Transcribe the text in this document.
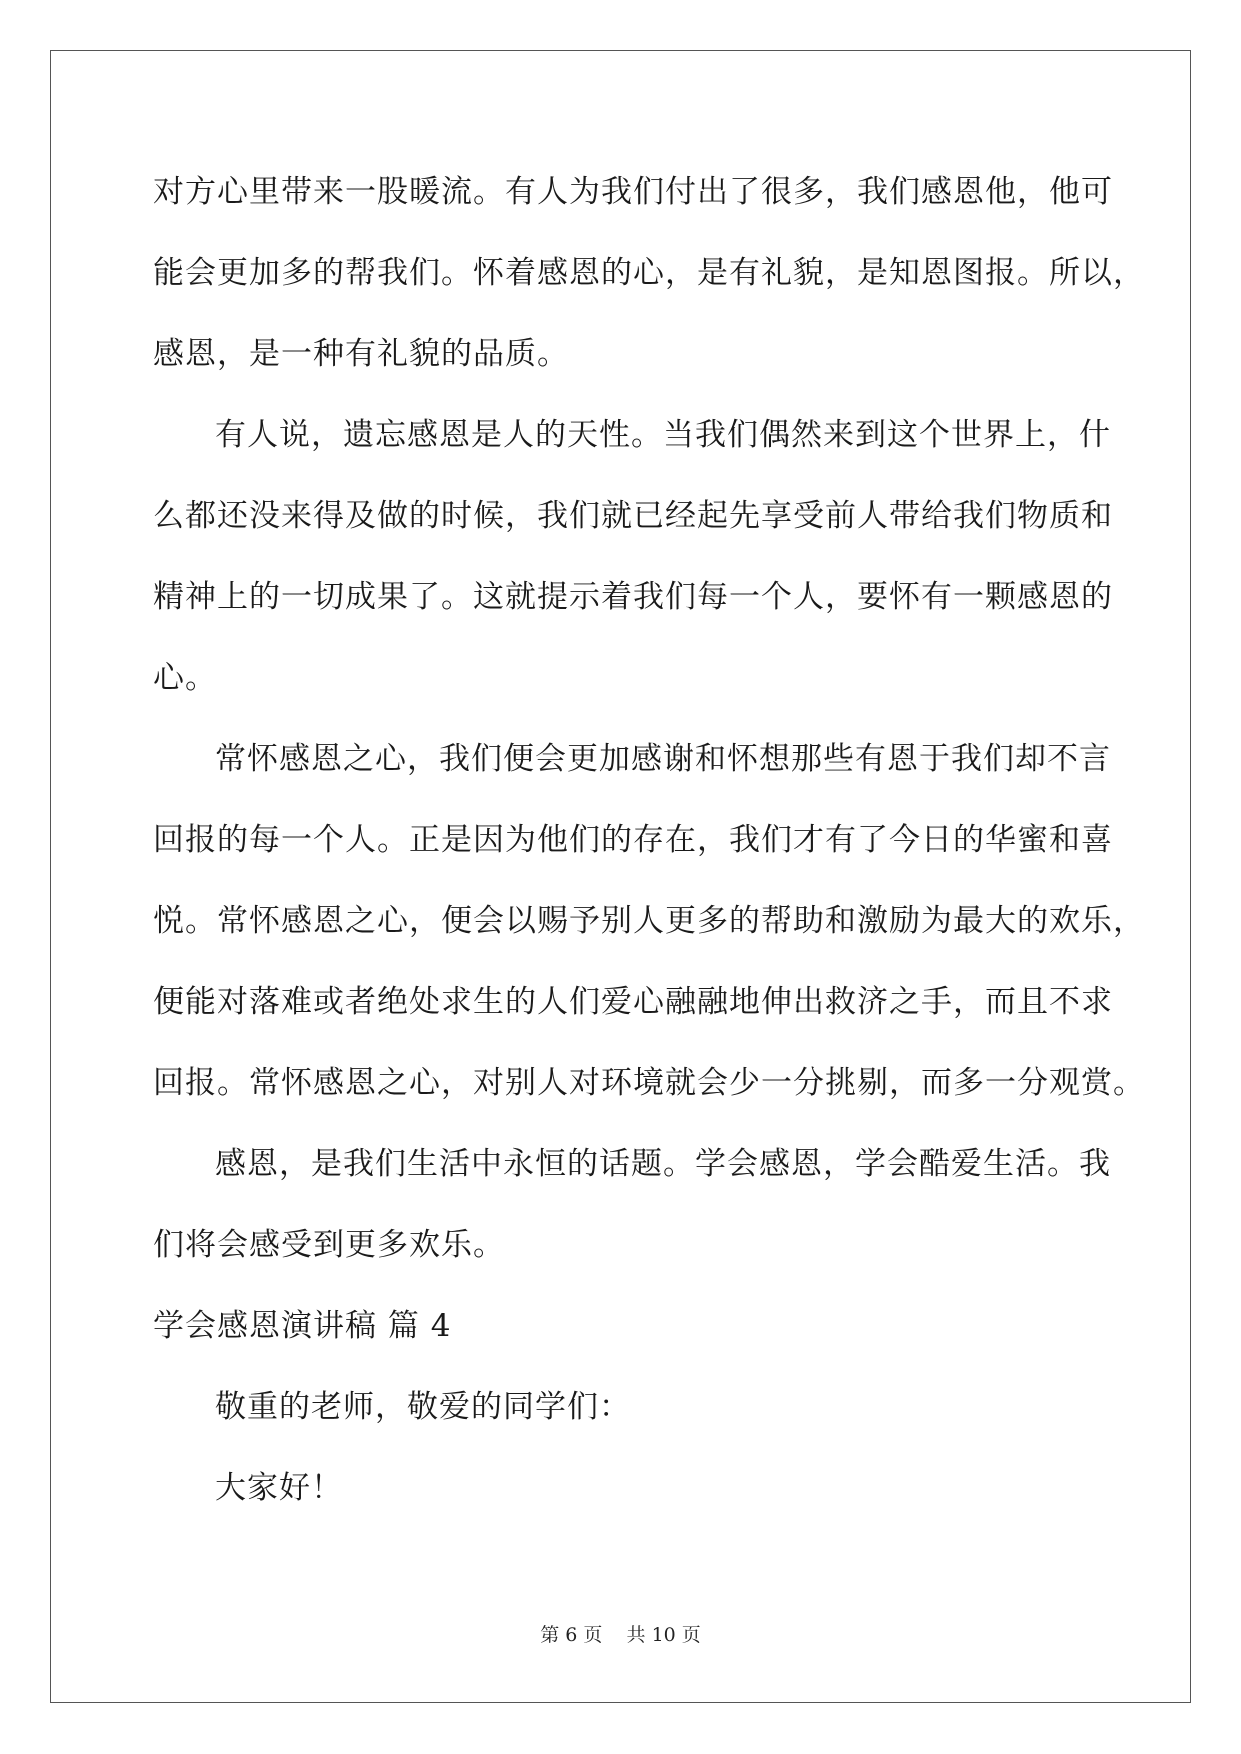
对方心里带来一股暖流。有人为我们付出了很多，我们感恩他，他可
能会更加多的帮我们。怀着感恩的心，是有礼貌，是知恩图报。所以，
感恩，是一种有礼貌的品质。
有人说，遗忘感恩是人的天性。当我们偶然来到这个世界上，什
么都还没来得及做的时候，我们就已经起先享受前人带给我们物质和
精神上的一切成果了。这就提示着我们每一个人，要怀有一颗感恩的
心。
常怀感恩之心，我们便会更加感谢和怀想那些有恩于我们却不言
回报的每一个人。正是因为他们的存在，我们才有了今日的华蜜和喜
悦。常怀感恩之心，便会以赐予别人更多的帮助和激励为最大的欢乐，
便能对落难或者绝处求生的人们爱心融融地伸出救济之手，而且不求
回报。常怀感恩之心，对别人对环境就会少一分挑剔，而多一分观赏。
感恩，是我们生活中永恒的话题。学会感恩，学会酷爱生活。我
们将会感受到更多欢乐。
学会感恩演讲稿 篇 4
敬重的老师，敬爱的同学们：
大家好！
第 6 页    共 10 页
